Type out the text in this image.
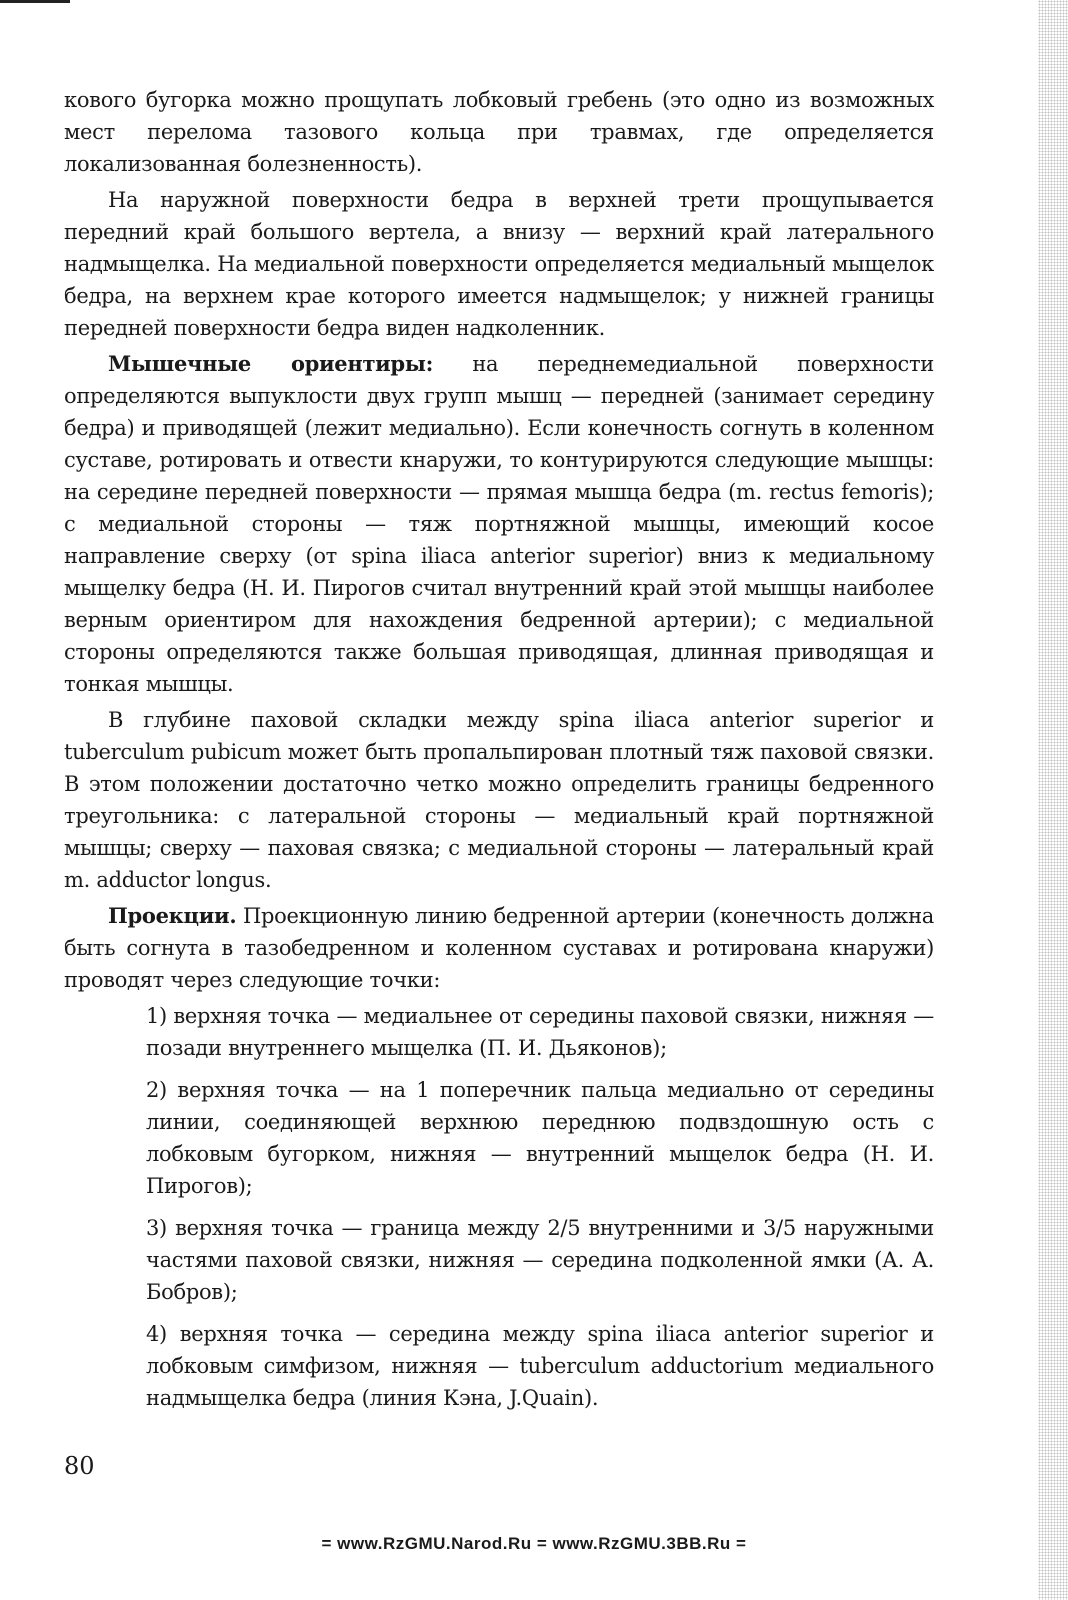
кового бугорка можно прощупать лобковый гребень (это одно из возможных мест перелома тазового кольца при травмах, где определяется локализованная болезненность).

На наружной поверхности бедра в верхней трети прощупывается передний край большого вертела, а внизу — верхний край латерального надмыщелка. На медиальной поверхности определяется медиальный мыщелок бедра, на верхнем крае которого имеется надмыщелок; у нижней границы передней поверхности бедра виден надколенник.

Мышечные ориентиры: на переднемедиальной поверхности определяются выпуклости двух групп мышц — передней (занимает середину бедра) и приводящей (лежит медиально). Если конечность согнуть в коленном суставе, ротировать и отвести кнаружи, то контурируются следующие мышцы: на середине передней поверхности — прямая мышца бедра (m. rectus femoris); с медиальной стороны — тяж портняжной мышцы, имеющий косое направление сверху (от spina iliaca anterior superior) вниз к медиальному мыщелку бедра (Н. И. Пирогов считал внутренний край этой мышцы наиболее верным ориентиром для нахождения бедренной артерии); с медиальной стороны определяются также большая приводящая, длинная приводящая и тонкая мышцы.

В глубине паховой складки между spina iliaca anterior superior и tuberculum pubicum может быть пропальпирован плотный тяж паховой связки. В этом положении достаточно четко можно определить границы бедренного треугольника: с латеральной стороны — медиальный край портняжной мышцы; сверху — паховая связка; с медиальной стороны — латеральный край m. adductor longus.

Проекции. Проекционную линию бедренной артерии (конечность должна быть согнута в тазобедренном и коленном суставах и ротирована кнаружи) проводят через следующие точки:

1) верхняя точка — медиальнее от середины паховой связки, нижняя — позади внутреннего мыщелка (П. И. Дьяконов);

2) верхняя точка — на 1 поперечник пальца медиально от середины линии, соединяющей верхнюю переднюю подвздошную ость с лобковым бугорком, нижняя — внутренний мыщелок бедра (Н. И. Пирогов);

3) верхняя точка — граница между 2/5 внутренними и 3/5 наружными частями паховой связки, нижняя — середина подколенной ямки (А. А. Бобров);

4) верхняя точка — середина между spina iliaca anterior superior и лобковым симфизом, нижняя — tuberculum adductorium медиального надмыщелка бедра (линия Кэна, J.Quain).

80
= www.RzGMU.Narod.Ru = www.RzGMU.3BB.Ru =
